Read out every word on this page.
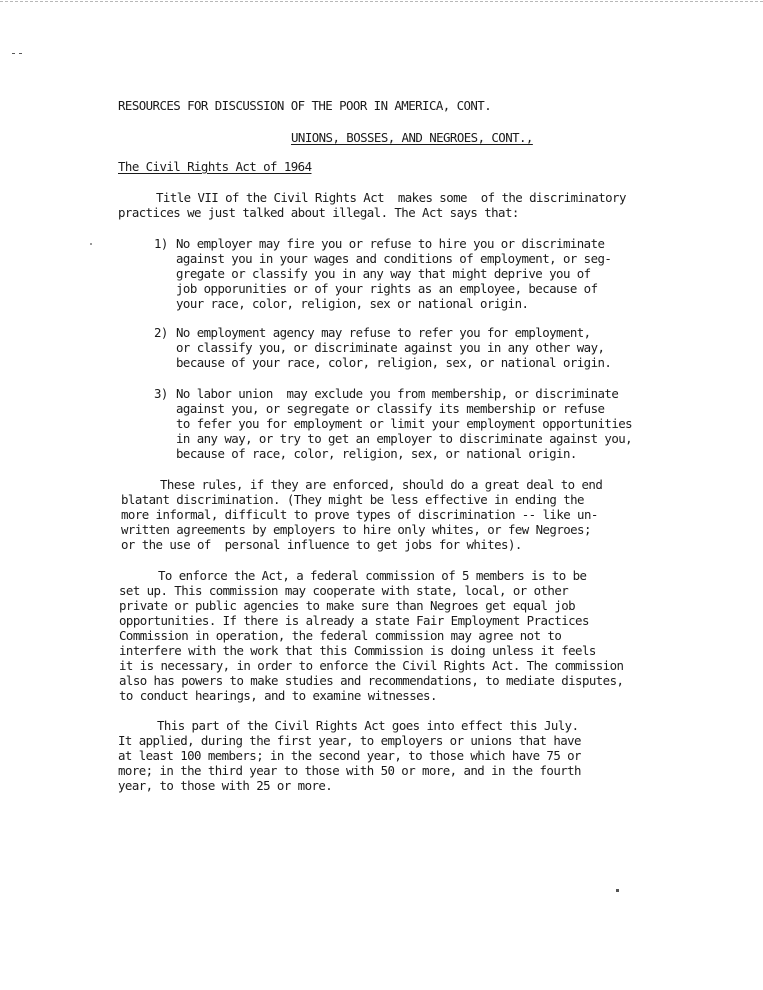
RESOURCES FOR DISCUSSION OF THE POOR IN AMERICA, CONT.
UNIONS, BOSSES, AND NEGROES, CONT.,
The Civil Rights Act of 1964
Title VII of the Civil Rights Act  makes some  of the discriminatory
practices we just talked about illegal. The Act says that:
1) No employer may fire you or refuse to hire you or discriminate
against you in your wages and conditions of employment, or seg-
gregate or classify you in any way that might deprive you of
job opporunities or of your rights as an employee, because of
your race, color, religion, sex or national origin.
2) No employment agency may refuse to refer you for employment,
or classify you, or discriminate against you in any other way,
because of your race, color, religion, sex, or national origin.
3) No labor union  may exclude you from membership, or discriminate
against you, or segregate or classify its membership or refuse
to fefer you for employment or limit your employment opportunities
in any way, or try to get an employer to discriminate against you,
because of race, color, religion, sex, or national origin.
These rules, if they are enforced, should do a great deal to end
blatant discrimination. (They might be less effective in ending the
more informal, difficult to prove types of discrimination -- like un-
written agreements by employers to hire only whites, or few Negroes;
or the use of  personal influence to get jobs for whites).
To enforce the Act, a federal commission of 5 members is to be
set up. This commission may cooperate with state, local, or other
private or public agencies to make sure than Negroes get equal job
opportunities. If there is already a state Fair Employment Practices
Commission in operation, the federal commission may agree not to
interfere with the work that this Commission is doing unless it feels
it is necessary, in order to enforce the Civil Rights Act. The commission
also has powers to make studies and recommendations, to mediate disputes,
to conduct hearings, and to examine witnesses.
This part of the Civil Rights Act goes into effect this July.
It applied, during the first year, to employers or unions that have
at least 100 members; in the second year, to those which have 75 or
more; in the third year to those with 50 or more, and in the fourth
year, to those with 25 or more.
